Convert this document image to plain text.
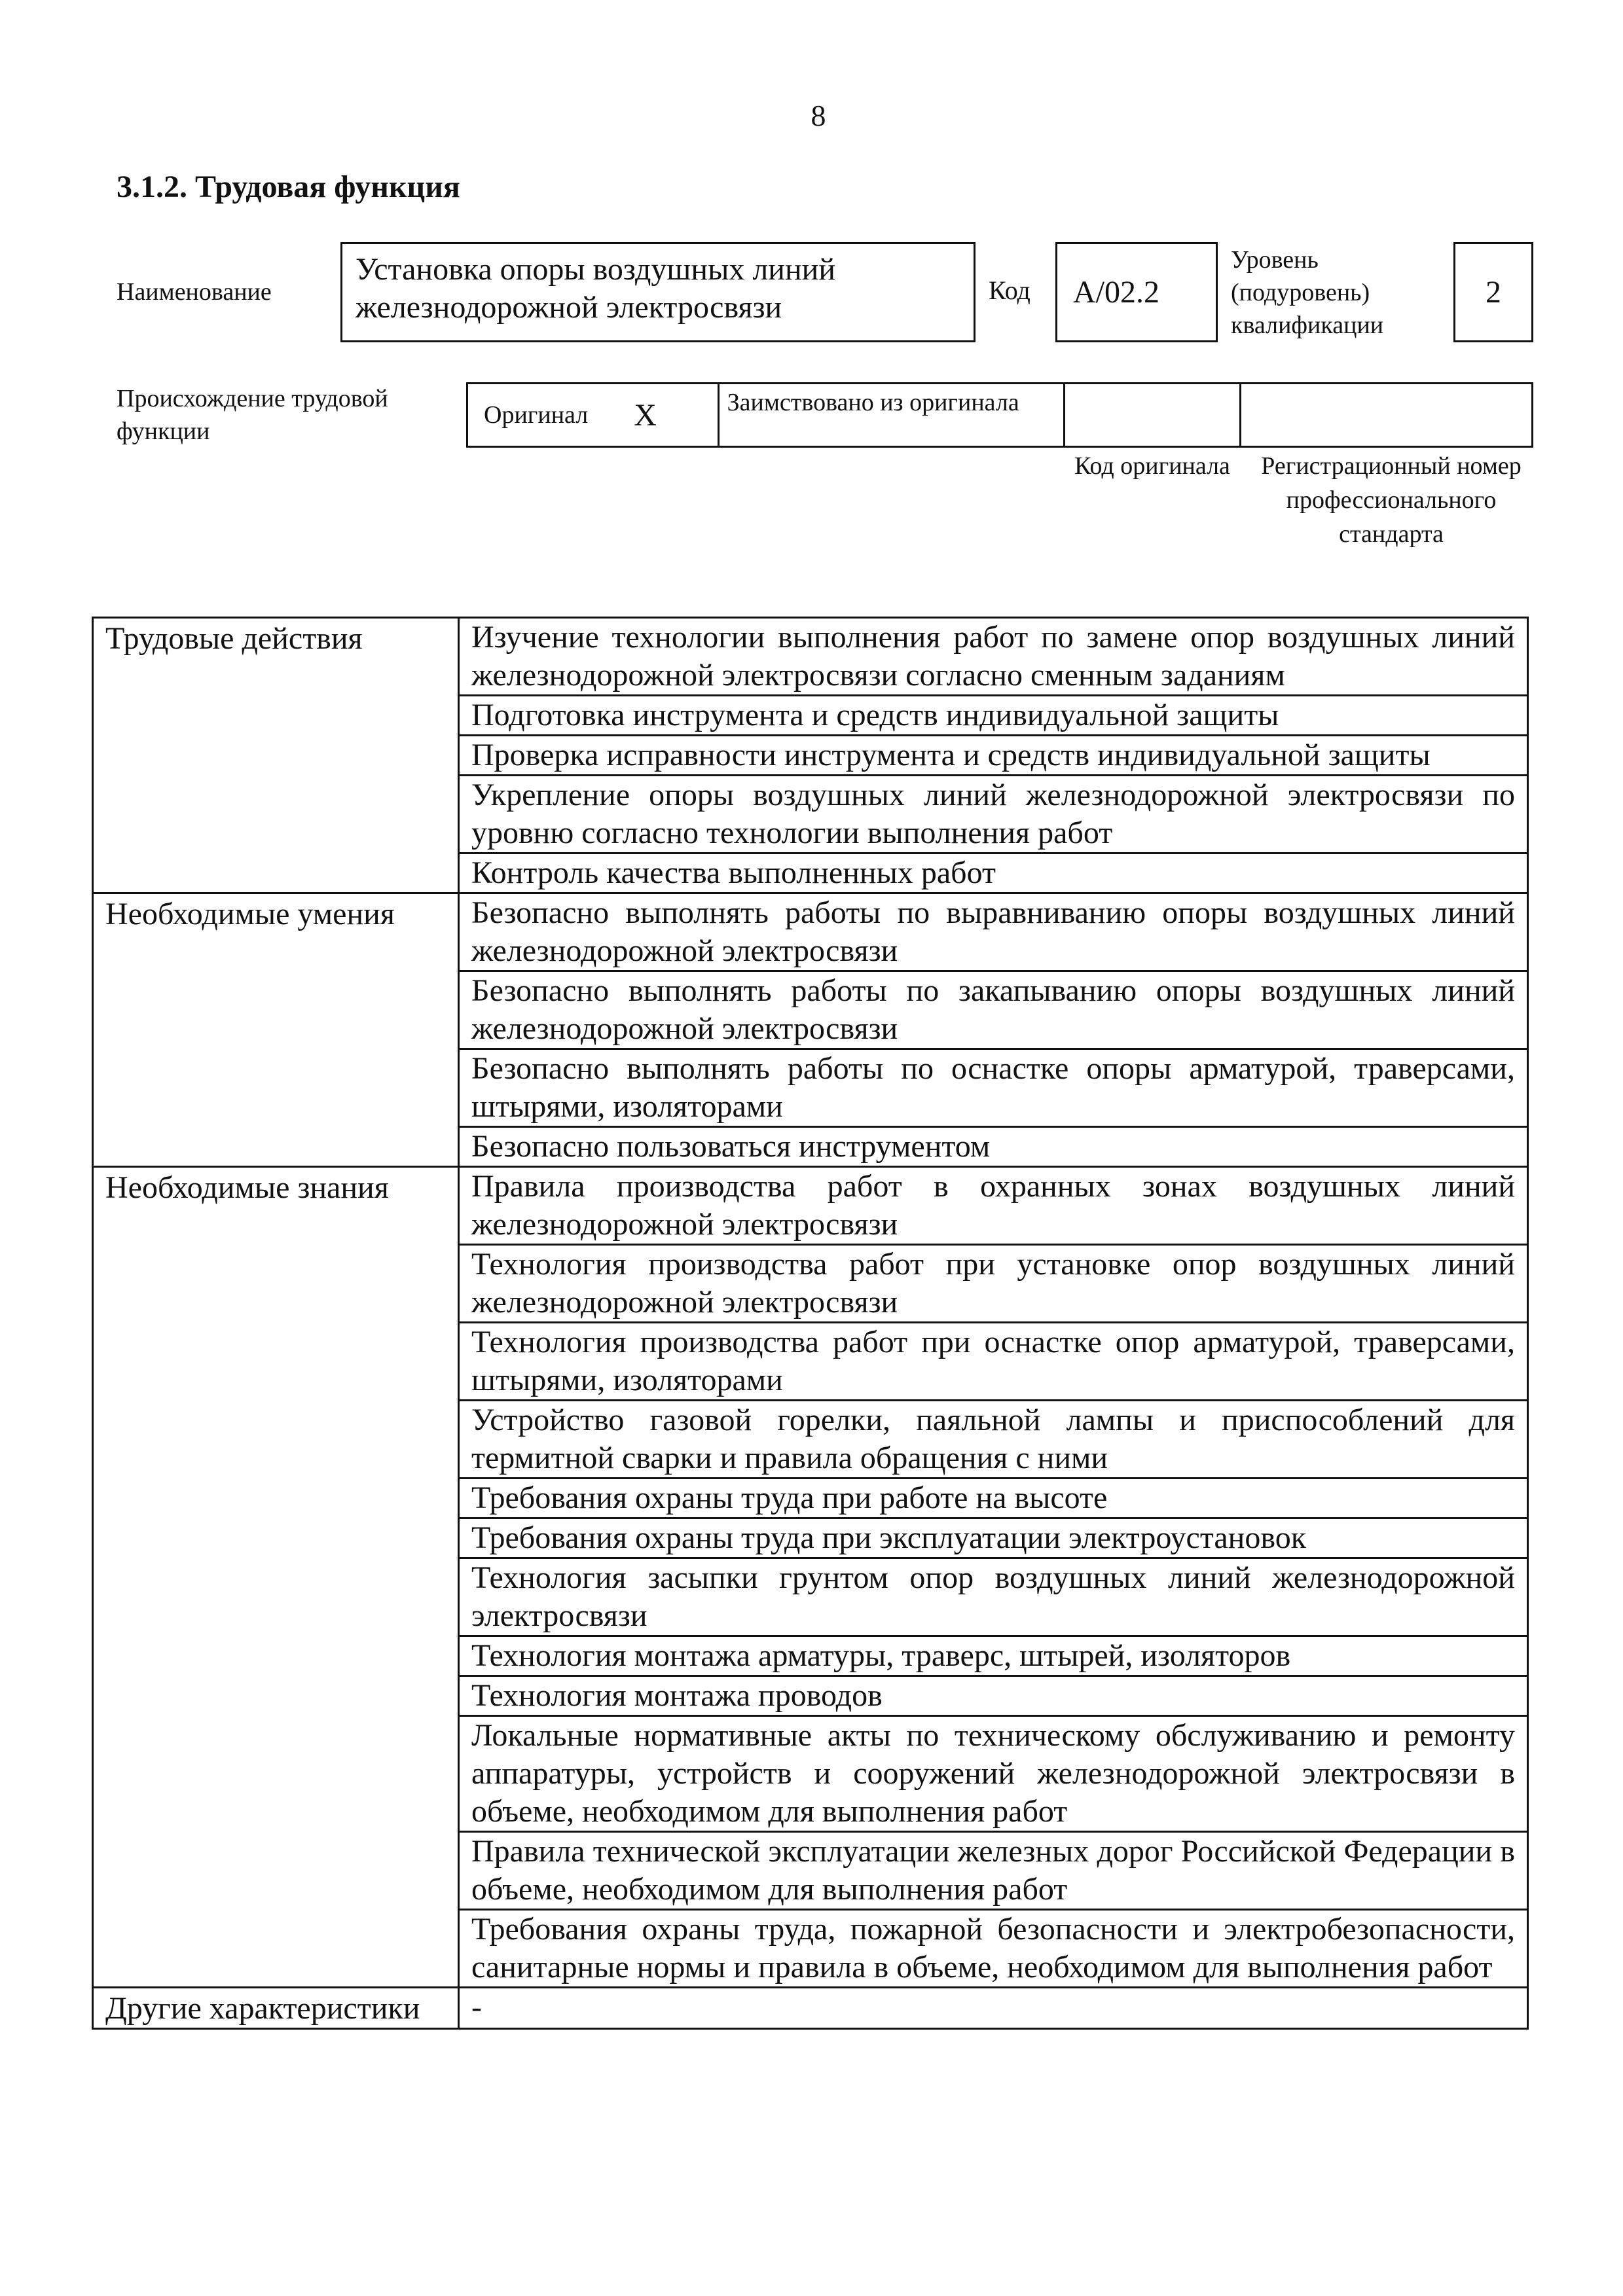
8
3.1.2. Трудовая функция
Наименование
Установка опоры воздушных линий железнодорожной электросвязи	Код	А/02.2
Уровень (подуровень) квалификации
2
Происхождение трудовой функции
Оригинал X	Заимствовано из оригинала
Код оригинала	Регистрационный номер профессионального стандарта
Трудовые действия	Изучение технологии выполнения работ по замене опор воздушных линий железнодорожной электросвязи согласно сменным заданиям
	Подготовка инструмента и средств индивидуальной защиты
	Проверка исправности инструмента и средств индивидуальной защиты
	Укрепление опоры воздушных линий железнодорожной электросвязи по уровню согласно технологии выполнения работ
	Контроль качества выполненных работ
Необходимые умения	Безопасно выполнять работы по выравниванию опоры воздушных линий железнодорожной электросвязи
	Безопасно выполнять работы по закапыванию опоры воздушных линий железнодорожной электросвязи
	Безопасно выполнять работы по оснастке опоры арматурой, траверсами, штырями, изоляторами
	Безопасно пользоваться инструментом
Необходимые знания	Правила производства работ в охранных зонах воздушных линий железнодорожной электросвязи
	Технология производства работ при установке опор воздушных линий железнодорожной электросвязи
	Технология производства работ при оснастке опор арматурой, траверсами, штырями, изоляторами
	Устройство газовой горелки, паяльной лампы и приспособлений для термитной сварки и правила обращения с ними
	Требования охраны труда при работе на высоте
	Требования охраны труда при эксплуатации электроустановок
	Технология засыпки грунтом опор воздушных линий железнодорожной электросвязи
	Технология монтажа арматуры, траверс, штырей, изоляторов
	Технология монтажа проводов
	Локальные нормативные акты по техническому обслуживанию и ремонту аппаратуры, устройств и сооружений железнодорожной электросвязи в объеме, необходимом для выполнения работ
	Правила технической эксплуатации железных дорог Российской Федерации в объеме, необходимом для выполнения работ
	Требования охраны труда, пожарной безопасности и электробезопасности, санитарные нормы и правила в объеме, необходимом для выполнения работ
Другие характеристики	-
